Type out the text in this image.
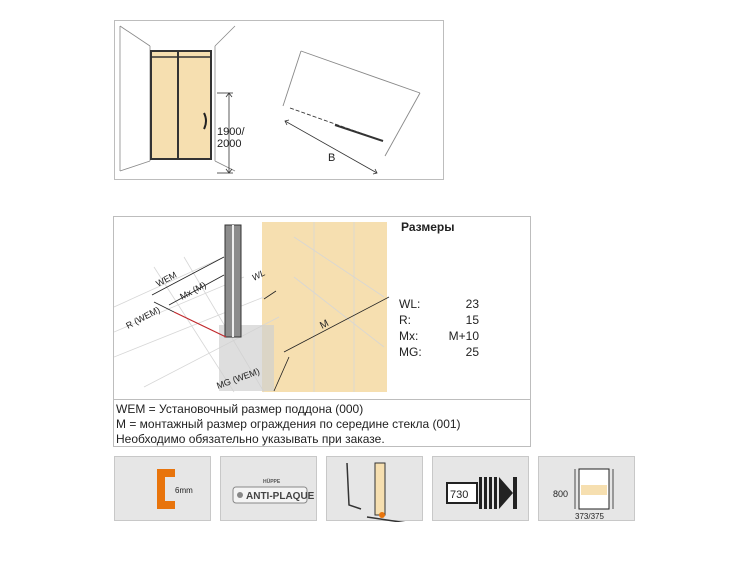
1900/
2000
B
WEM
Mx (M)
R (WEM)
WL
M
MG (WEM)
Размеры
WL:	23
R:	15
Mx:	M+10
MG:	25
WEM = Установочный размер поддона (000)
M = монтажный размер ограждения по середине стекла (001)
Необходимо обязательно указывать при заказе.
6mm
HÜPPE
ANTI-PLAQUE	730	800
373/375
